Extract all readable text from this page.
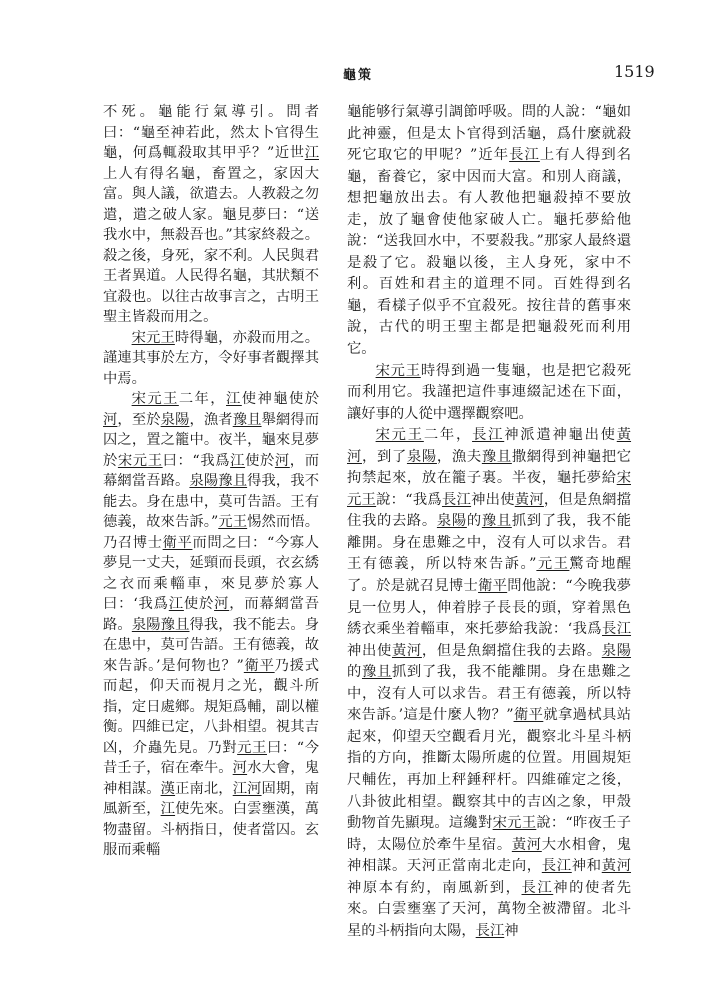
龜策	1519

不死。龜能行氣導引。問者曰：“龜至神若此，然太卜官得生龜，何爲輒殺取其甲乎？”近世江上人有得名龜，畜置之，家因大富。與人議，欲遣去。人教殺之勿遣，遣之破人家。龜見夢曰：“送我水中，無殺吾也。”其家終殺之。殺之後，身死，家不利。人民與君王者異道。人民得名龜，其狀類不宜殺也。以往古故事言之，古明王聖主皆殺而用之。

宋元王時得龜，亦殺而用之。謹連其事於左方，令好事者觀擇其中焉。

宋元王二年，江使神龜使於河，至於泉陽，漁者豫且舉網得而囚之，置之籠中。夜半，龜來見夢於宋元王曰：“我爲江使於河，而幕網當吾路。泉陽豫且得我，我不能去。身在患中，莫可告語。王有德義，故來告訴。”元王惕然而悟。乃召博士衛平而問之曰：“今寡人夢見一丈夫，延頸而長頭，衣玄綉之衣而乘輜車，來見夢於寡人曰：‘我爲江使於河，而幕網當吾路。泉陽豫且得我，我不能去。身在患中，莫可告語。王有德義，故來告訴。’是何物也？”衛平乃援式而起，仰天而視月之光，觀斗所指，定日處鄉。規矩爲輔，副以權衡。四維已定，八卦相望。視其吉凶，介蟲先見。乃對元王曰：“今昔壬子，宿在牽牛。河水大會，鬼神相謀。漢正南北，江河固期，南風新至，江使先來。白雲壅漢，萬物盡留。斗柄指日，使者當囚。玄服而乘輜

龜能够行氣導引調節呼吸。問的人說：“龜如此神靈，但是太卜官得到活龜，爲什麼就殺死它取它的甲呢？”近年長江上有人得到名龜，畜養它，家中因而大富。和別人商議，想把龜放出去。有人教他把龜殺掉不要放走，放了龜會使他家破人亡。龜托夢給他說：“送我回水中，不要殺我。”那家人最終還是殺了它。殺龜以後，主人身死，家中不利。百姓和君主的道理不同。百姓得到名龜，看樣子似乎不宜殺死。按往昔的舊事來說，古代的明王聖主都是把龜殺死而利用它。

宋元王時得到過一隻龜，也是把它殺死而利用它。我謹把這件事連綴記述在下面，讓好事的人從中選擇觀察吧。

宋元王二年，長江神派遣神龜出使黃河，到了泉陽，漁夫豫且撒網得到神龜把它拘禁起來，放在籠子裏。半夜，龜托夢給宋元王說：“我爲長江神出使黃河，但是魚網擋住我的去路。泉陽的豫且抓到了我，我不能離開。身在患難之中，沒有人可以求告。君王有德義，所以特來告訴。”元王驚奇地醒了。於是就召見博士衛平問他說：“今晚我夢見一位男人，伸着脖子長長的頭，穿着黑色綉衣乘坐着輜車，來托夢給我說：‘我爲長江神出使黃河，但是魚網擋住我的去路。泉陽的豫且抓到了我，我不能離開。身在患難之中，沒有人可以求告。君王有德義，所以特來告訴。’這是什麼人物？”衛平就拿過栻具站起來，仰望天空觀看月光，觀察北斗星斗柄指的方向，推斷太陽所處的位置。用圓規矩尺輔佐，再加上秤錘秤杆。四維確定之後，八卦彼此相望。觀察其中的吉凶之象，甲殼動物首先顯現。這纔對宋元王說：“昨夜壬子時，太陽位於牽牛星宿。黃河大水相會，鬼神相謀。天河正當南北走向，長江神和黃河神原本有約，南風新到，長江神的使者先來。白雲壅塞了天河，萬物全被滯留。北斗星的斗柄指向太陽，長江神
